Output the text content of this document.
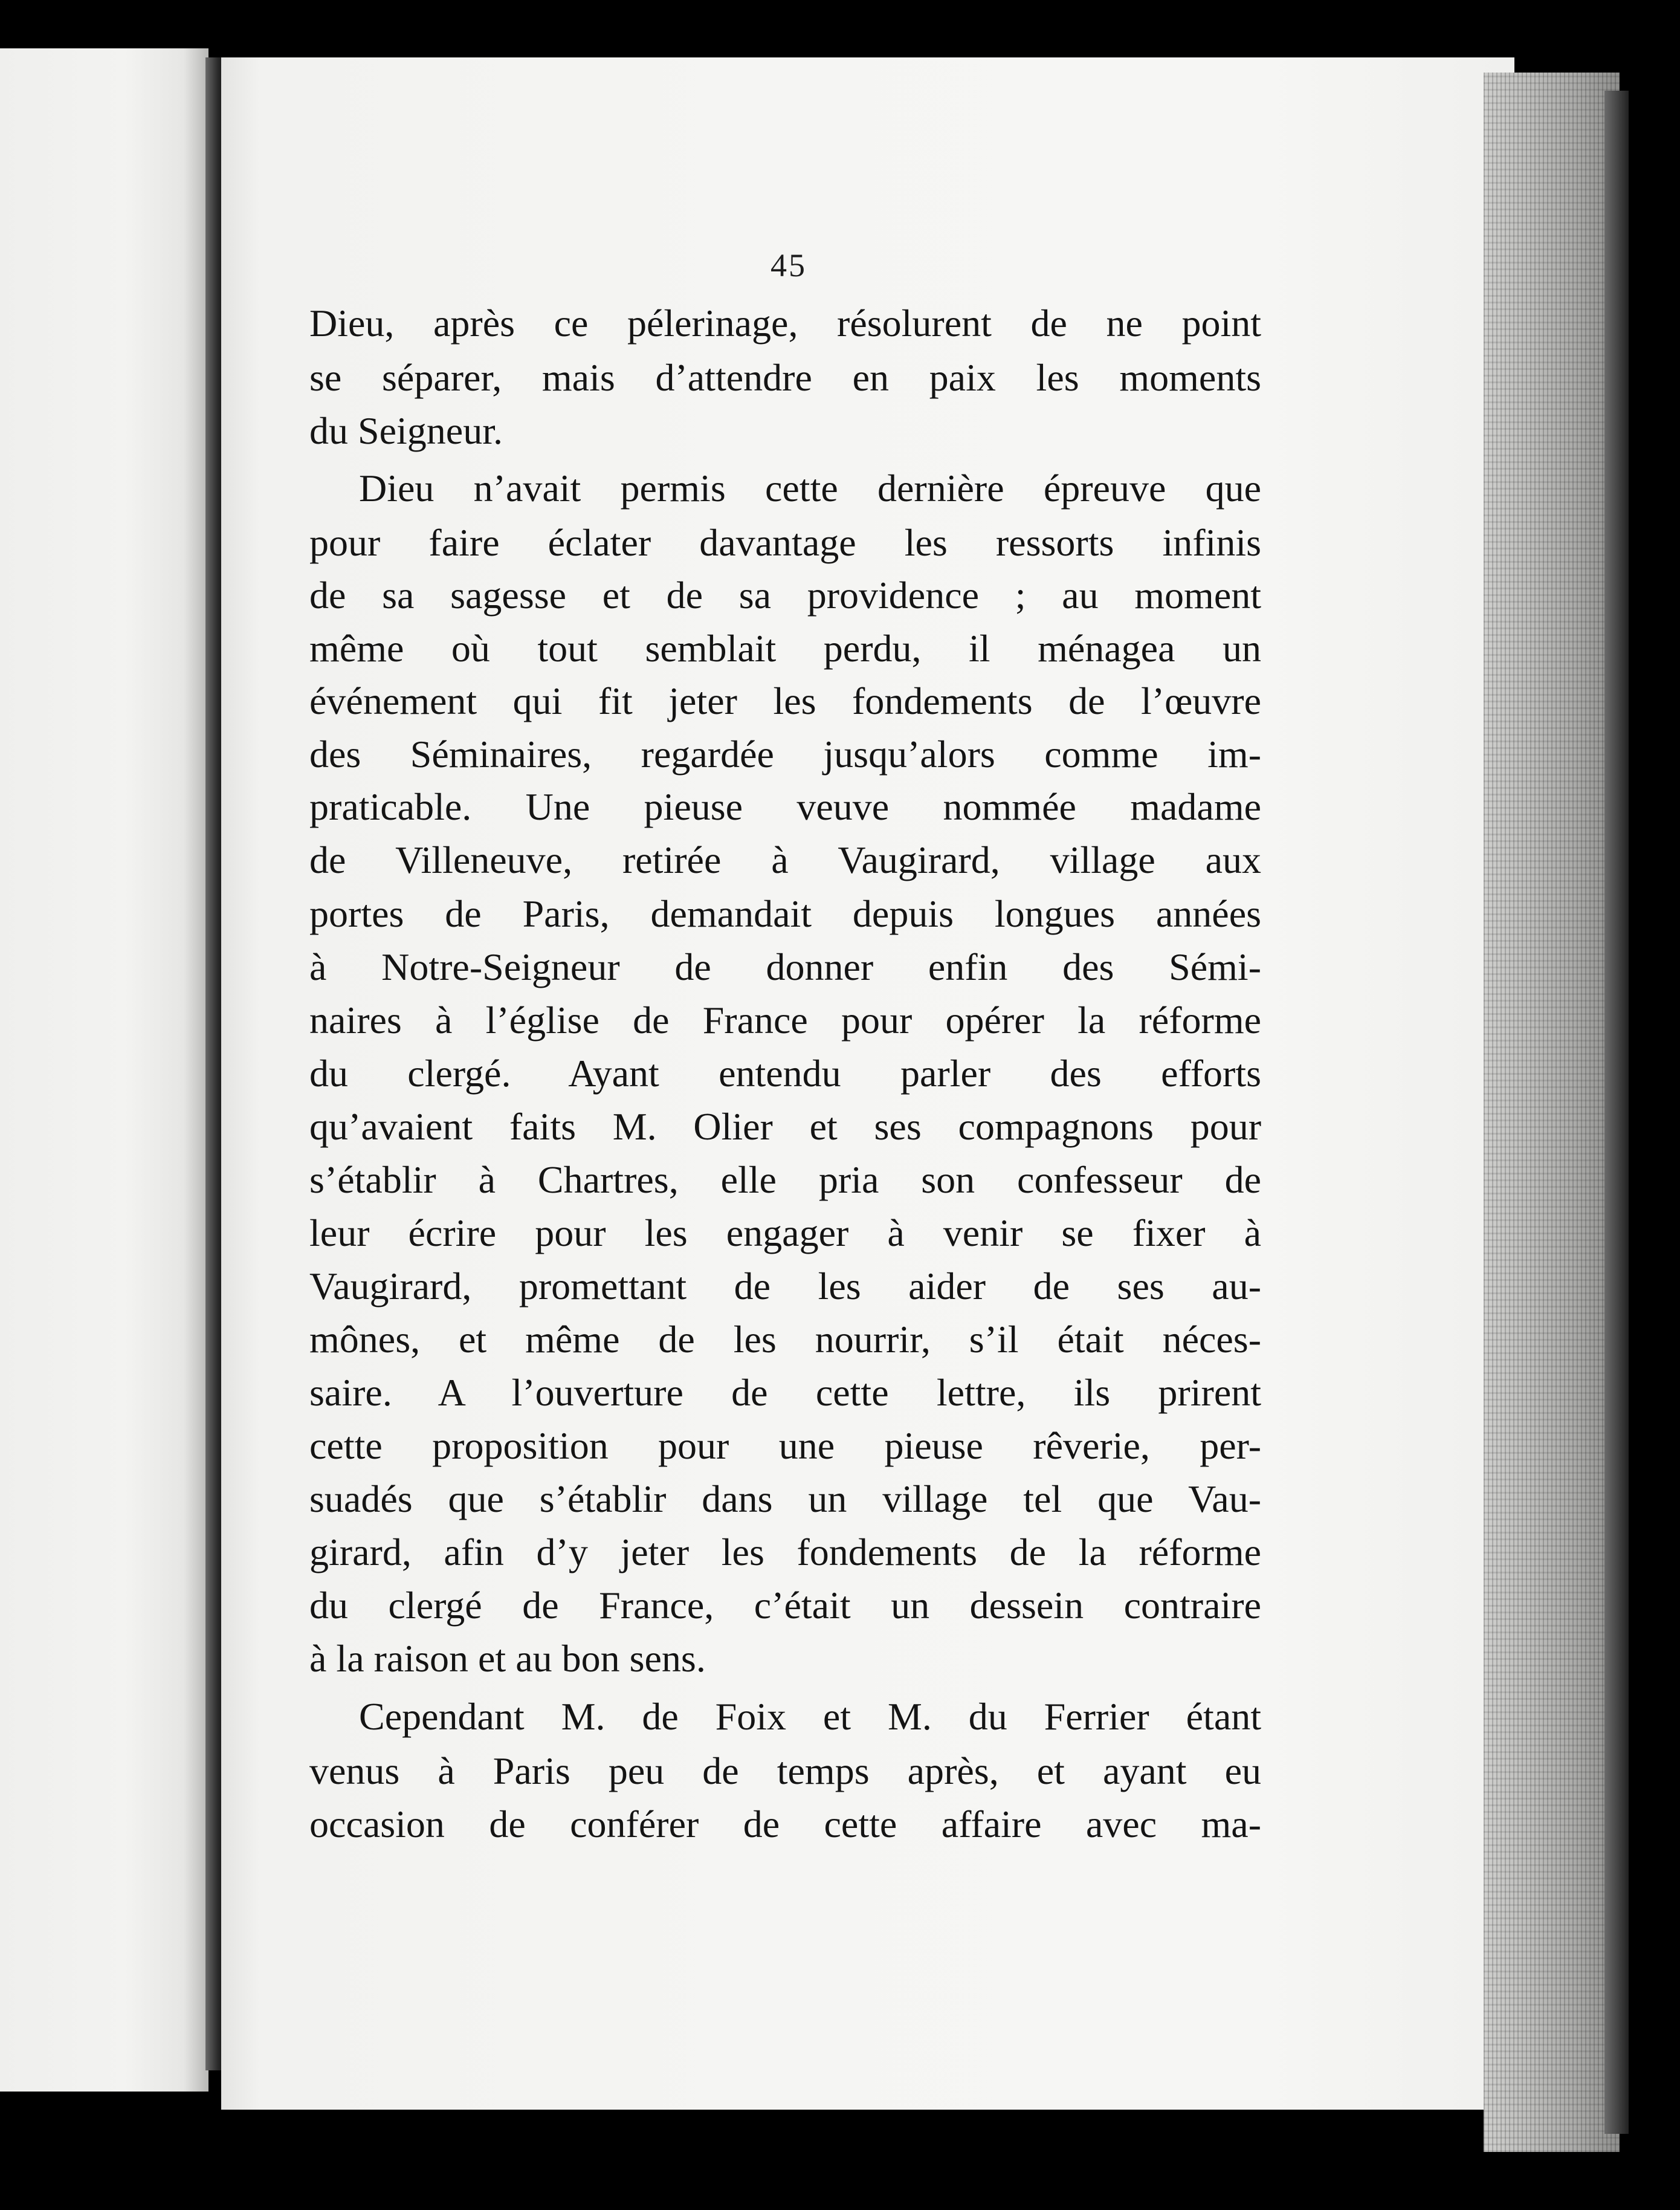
45
Dieu, après ce pélerinage, résolurent de ne point
se séparer, mais d’attendre en paix les moments
du Seigneur.
Dieu n’avait permis cette dernière épreuve que
pour faire éclater davantage les ressorts infinis
de sa sagesse et de sa providence ; au moment
même où tout semblait perdu, il ménagea un
événement qui fit jeter les fondements de l’œuvre
des Séminaires, regardée jusqu’alors comme im-
praticable. Une pieuse veuve nommée madame
de Villeneuve, retirée à Vaugirard, village aux
portes de Paris, demandait depuis longues années
à Notre-Seigneur de donner enfin des Sémi-
naires à l’église de France pour opérer la réforme
du clergé. Ayant entendu parler des efforts
qu’avaient faits M. Olier et ses compagnons pour
s’établir à Chartres, elle pria son confesseur de
leur écrire pour les engager à venir se fixer à
Vaugirard, promettant de les aider de ses au-
mônes, et même de les nourrir, s’il était néces-
saire. A l’ouverture de cette lettre, ils prirent
cette proposition pour une pieuse rêverie, per-
suadés que s’établir dans un village tel que Vau-
girard, afin d’y jeter les fondements de la réforme
du clergé de France, c’était un dessein contraire
à la raison et au bon sens.
Cependant M. de Foix et M. du Ferrier étant
venus à Paris peu de temps après, et ayant eu
occasion de conférer de cette affaire avec ma-
